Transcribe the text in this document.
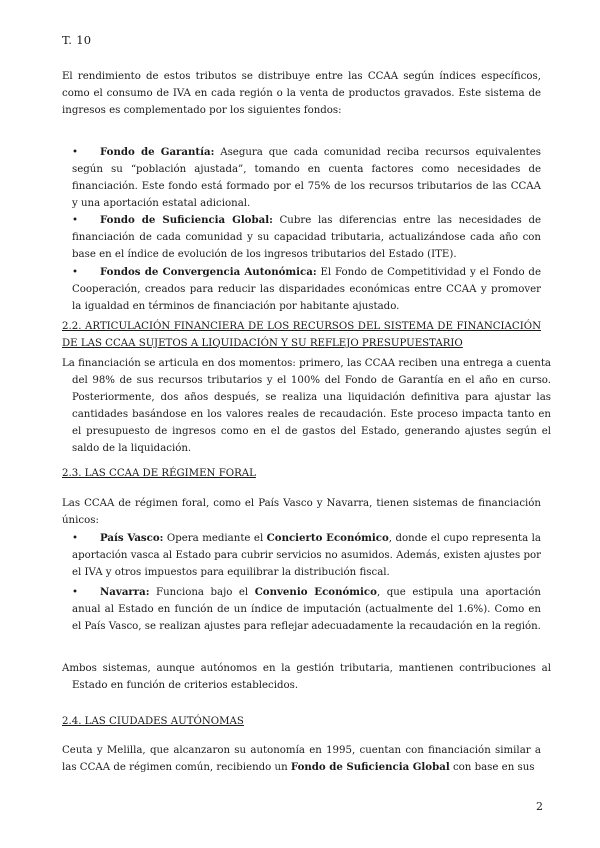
T. 10

El rendimiento de estos tributos se distribuye entre las CCAA según índices específicos, como el consumo de IVA en cada región o la venta de productos gravados. Este sistema de ingresos es complementado por los siguientes fondos:

• Fondo de Garantía: Asegura que cada comunidad reciba recursos equivalentes según su “población ajustada”, tomando en cuenta factores como necesidades de financiación. Este fondo está formado por el 75% de los recursos tributarios de las CCAA y una aportación estatal adicional.

• Fondo de Suficiencia Global: Cubre las diferencias entre las necesidades de financiación de cada comunidad y su capacidad tributaria, actualizándose cada año con base en el índice de evolución de los ingresos tributarios del Estado (ITE).

• Fondos de Convergencia Autonómica: El Fondo de Competitividad y el Fondo de Cooperación, creados para reducir las disparidades económicas entre CCAA y promover la igualdad en términos de financiación por habitante ajustado.

2.2. ARTICULACIÓN FINANCIERA DE LOS RECURSOS DEL SISTEMA DE FINANCIACIÓN DE LAS CCAA SUJETOS A LIQUIDACIÓN Y SU REFLEJO PRESUPUESTARIO

La financiación se articula en dos momentos: primero, las CCAA reciben una entrega a cuenta del 98% de sus recursos tributarios y el 100% del Fondo de Garantía en el año en curso. Posteriormente, dos años después, se realiza una liquidación definitiva para ajustar las cantidades basándose en los valores reales de recaudación. Este proceso impacta tanto en el presupuesto de ingresos como en el de gastos del Estado, generando ajustes según el saldo de la liquidación.

2.3. LAS CCAA DE RÉGIMEN FORAL

Las CCAA de régimen foral, como el País Vasco y Navarra, tienen sistemas de financiación únicos:

• País Vasco: Opera mediante el Concierto Económico, donde el cupo representa la aportación vasca al Estado para cubrir servicios no asumidos. Además, existen ajustes por el IVA y otros impuestos para equilibrar la distribución fiscal.

• Navarra: Funciona bajo el Convenio Económico, que estipula una aportación anual al Estado en función de un índice de imputación (actualmente del 1.6%). Como en el País Vasco, se realizan ajustes para reflejar adecuadamente la recaudación en la región.

Ambos sistemas, aunque autónomos en la gestión tributaria, mantienen contribuciones al Estado en función de criterios establecidos.

2.4. LAS CIUDADES AUTÓNOMAS

Ceuta y Melilla, que alcanzaron su autonomía en 1995, cuentan con financiación similar a las CCAA de régimen común, recibiendo un Fondo de Suficiencia Global con base en sus

2
